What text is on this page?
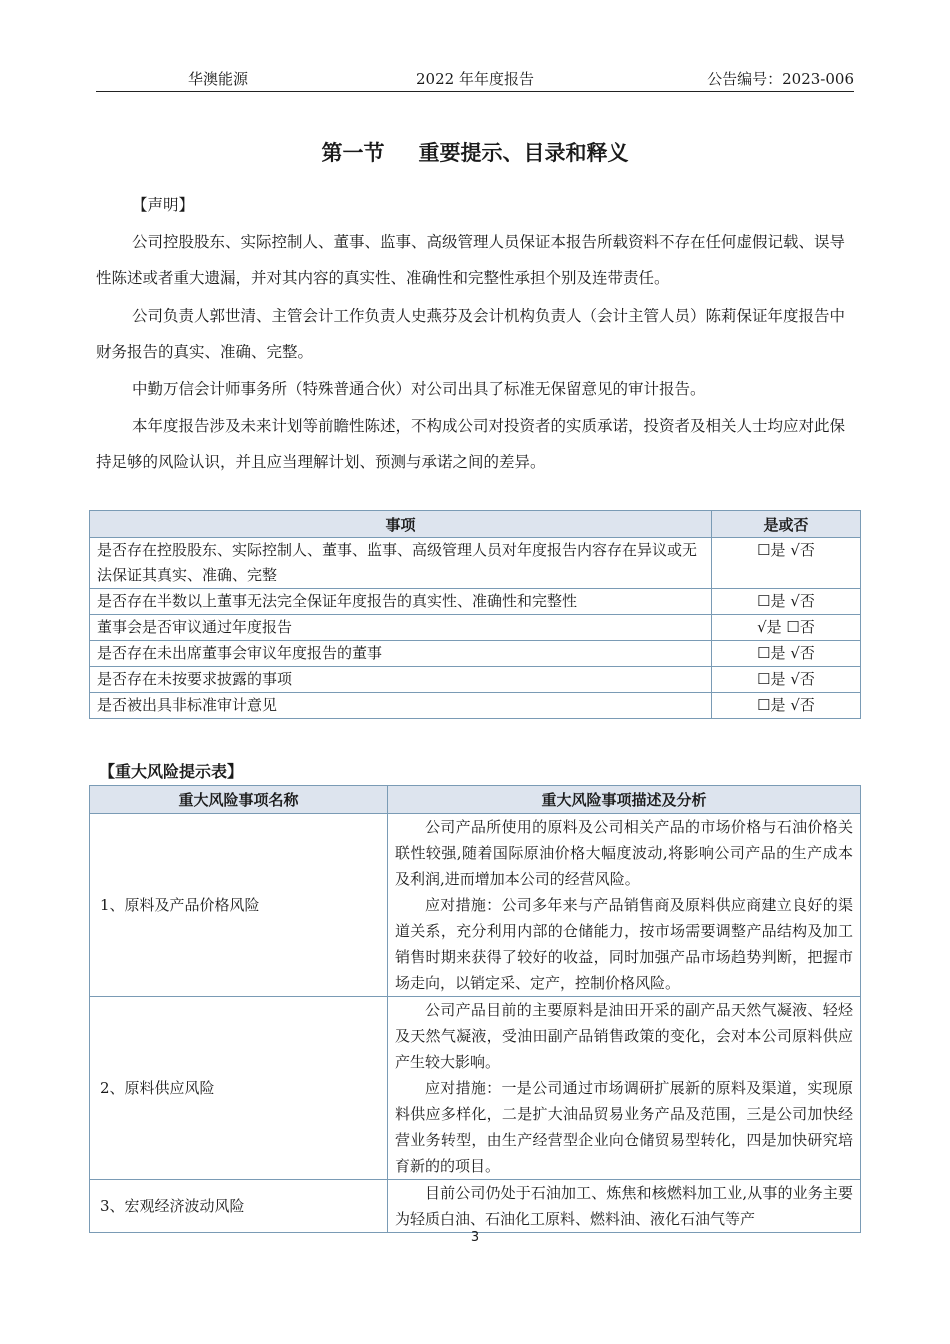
华澳能源	2022 年年度报告	公告编号：2023-006
第一节 重要提示、目录和释义
【声明】
公司控股股东、实际控制人、董事、监事、高级管理人员保证本报告所载资料不存在任何虚假记载、误导性陈述或者重大遗漏，并对其内容的真实性、准确性和完整性承担个别及连带责任。
公司负责人郭世清、主管会计工作负责人史燕芬及会计机构负责人（会计主管人员）陈莉保证年度报告中财务报告的真实、准确、完整。
中勤万信会计师事务所（特殊普通合伙）对公司出具了标准无保留意见的审计报告。
本年度报告涉及未来计划等前瞻性陈述，不构成公司对投资者的实质承诺，投资者及相关人士均应对此保持足够的风险认识，并且应当理解计划、预测与承诺之间的差异。
事项	是或否
是否存在控股股东、实际控制人、董事、监事、高级管理人员对年度报告内容存在异议或无法保证其真实、准确、完整	☐是 √否
是否存在半数以上董事无法完全保证年度报告的真实性、准确性和完整性	☐是 √否
董事会是否审议通过年度报告	√是 ☐否
是否存在未出席董事会审议年度报告的董事	☐是 √否
是否存在未按要求披露的事项	☐是 √否
是否被出具非标准审计意见	☐是 √否
【重大风险提示表】
重大风险事项名称	重大风险事项描述及分析
1、原料及产品价格风险	公司产品所使用的原料及公司相关产品的市场价格与石油价格关联性较强,随着国际原油价格大幅度波动,将影响公司产品的生产成本及利润,进而增加本公司的经营风险。
应对措施：公司多年来与产品销售商及原料供应商建立良好的渠道关系，充分利用内部的仓储能力，按市场需要调整产品结构及加工销售时期来获得了较好的收益，同时加强产品市场趋势判断，把握市场走向，以销定采、定产，控制价格风险。

2、原料供应风险	公司产品目前的主要原料是油田开采的副产品天然气凝液、轻烃及天然气凝液，受油田副产品销售政策的变化，会对本公司原料供应产生较大影响。
应对措施：一是公司通过市场调研扩展新的原料及渠道，实现原料供应多样化，二是扩大油品贸易业务产品及范围，三是公司加快经营业务转型，由生产经营型企业向仓储贸易型转化，四是加快研究培育新的的项目。

3、宏观经济波动风险	目前公司仍处于石油加工、炼焦和核燃料加工业,从事的业务主要为轻质白油、石油化工原料、燃料油、液化石油气等产
3
